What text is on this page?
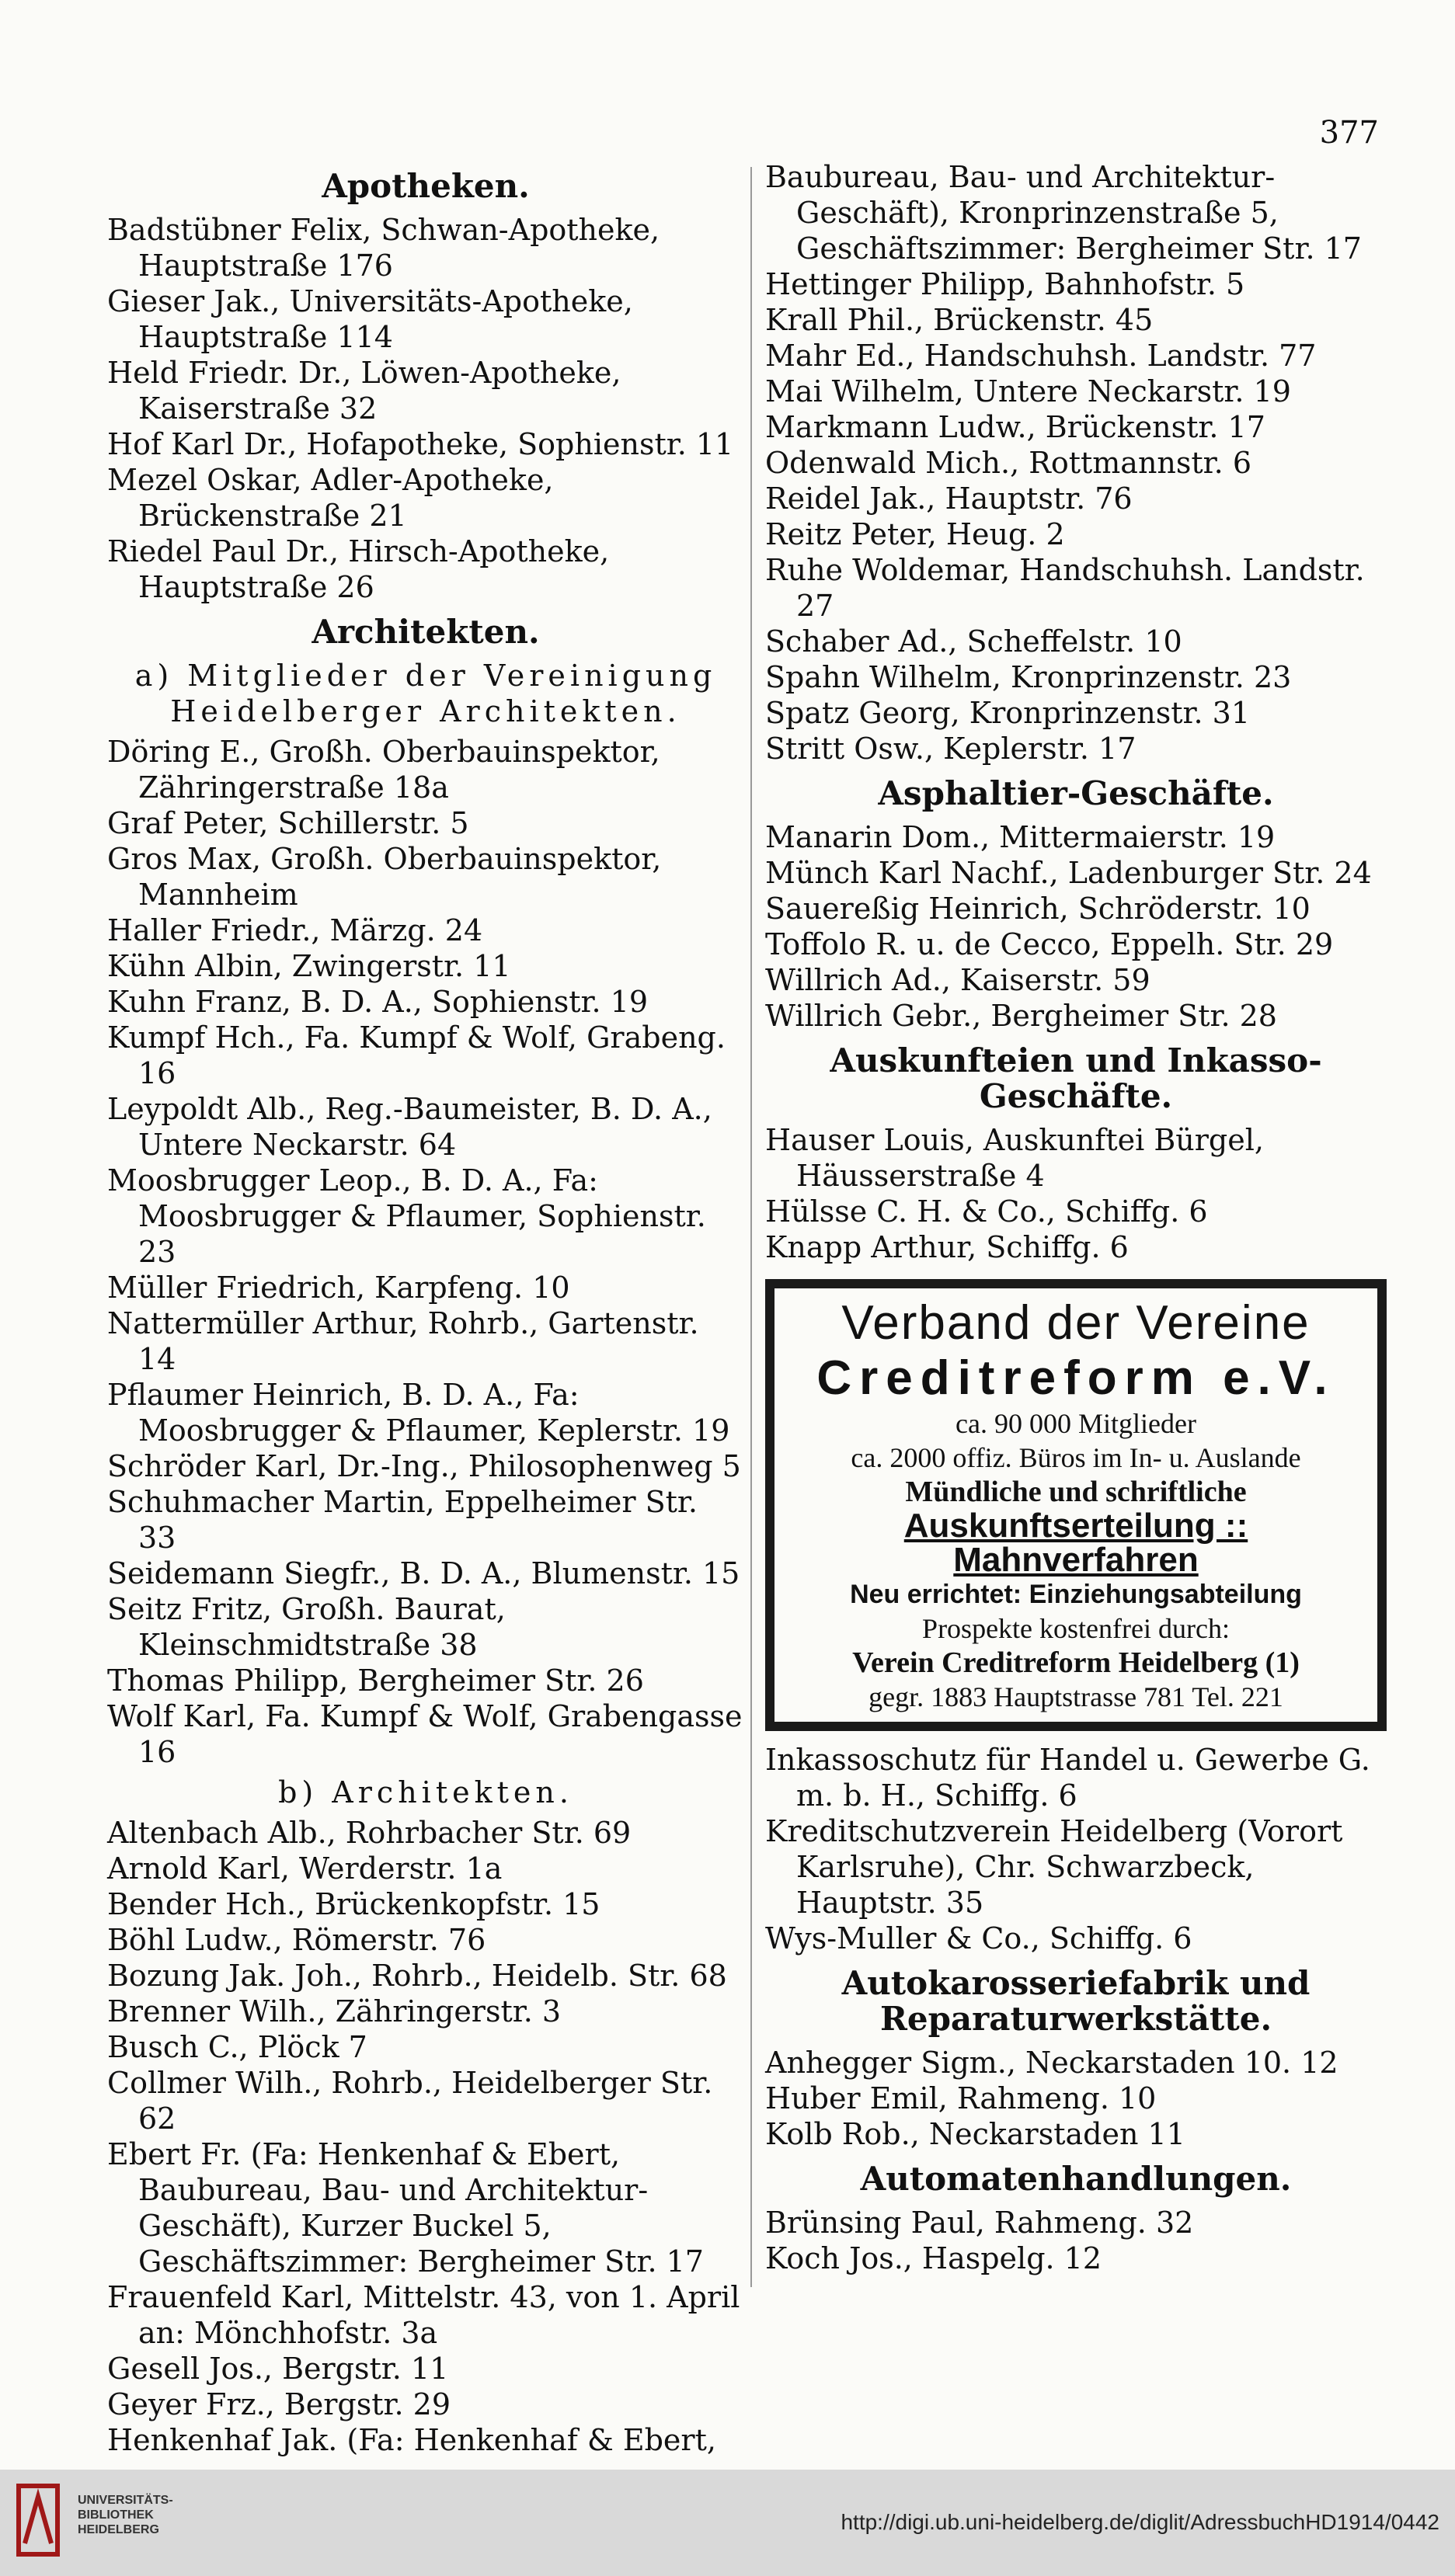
377
Apotheken.
Badstübner Felix, Schwan-Apotheke, Hauptstraße 176
Gieser Jak., Universitäts-Apotheke, Hauptstraße 114
Held Friedr. Dr., Löwen-Apotheke, Kaiserstraße 32
Hof Karl Dr., Hofapotheke, Sophienstr. 11
Mezel Oskar, Adler-Apotheke, Brückenstraße 21
Riedel Paul Dr., Hirsch-Apotheke, Hauptstraße 26
Architekten.
a) Mitglieder der Vereinigung Heidelberger Architekten.
Döring E., Großh. Oberbauinspektor, Zähringerstraße 18a
Graf Peter, Schillerstr. 5
Gros Max, Großh. Oberbauinspektor, Mannheim
Haller Friedr., Märzg. 24
Kühn Albin, Zwingerstr. 11
Kuhn Franz, B. D. A., Sophienstr. 19
Kumpf Hch., Fa. Kumpf & Wolf, Grabeng. 16
Leypoldt Alb., Reg.-Baumeister, B. D. A., Untere Neckarstr. 64
Moosbrugger Leop., B. D. A., Fa: Moosbrugger & Pflaumer, Sophienstr. 23
Müller Friedrich, Karpfeng. 10
Nattermüller Arthur, Rohrb., Gartenstr. 14
Pflaumer Heinrich, B. D. A., Fa: Moosbrugger & Pflaumer, Keplerstr. 19
Schröder Karl, Dr.-Ing., Philosophenweg 5
Schuhmacher Martin, Eppelheimer Str. 33
Seidemann Siegfr., B. D. A., Blumenstr. 15
Seitz Fritz, Großh. Baurat, Kleinschmidtstraße 38
Thomas Philipp, Bergheimer Str. 26
Wolf Karl, Fa. Kumpf & Wolf, Grabengasse 16
b) Architekten.
Altenbach Alb., Rohrbacher Str. 69
Arnold Karl, Werderstr. 1a
Bender Hch., Brückenkopfstr. 15
Böhl Ludw., Römerstr. 76
Bozung Jak. Joh., Rohrb., Heidelb. Str. 68
Brenner Wilh., Zähringerstr. 3
Busch C., Plöck 7
Collmer Wilh., Rohrb., Heidelberger Str. 62
Ebert Fr. (Fa: Henkenhaf & Ebert, Baubureau, Bau- und Architektur-Geschäft), Kurzer Buckel 5, Geschäftszimmer: Bergheimer Str. 17
Frauenfeld Karl, Mittelstr. 43, von 1. April an: Mönchhofstr. 3a
Gesell Jos., Bergstr. 11
Geyer Frz., Bergstr. 29
Henkenhaf Jak. (Fa: Henkenhaf & Ebert,
Baubureau, Bau- und Architektur-Geschäft), Kronprinzenstraße 5, Geschäftszimmer: Bergheimer Str. 17
Hettinger Philipp, Bahnhofstr. 5
Krall Phil., Brückenstr. 45
Mahr Ed., Handschuhsh. Landstr. 77
Mai Wilhelm, Untere Neckarstr. 19
Markmann Ludw., Brückenstr. 17
Odenwald Mich., Rottmannstr. 6
Reidel Jak., Hauptstr. 76
Reitz Peter, Heug. 2
Ruhe Woldemar, Handschuhsh. Landstr. 27
Schaber Ad., Scheffelstr. 10
Spahn Wilhelm, Kronprinzenstr. 23
Spatz Georg, Kronprinzenstr. 31
Stritt Osw., Keplerstr. 17
Asphaltier-Geschäfte.
Manarin Dom., Mittermaierstr. 19
Münch Karl Nachf., Ladenburger Str. 24
Sauereßig Heinrich, Schröderstr. 10
Toffolo R. u. de Cecco, Eppelh. Str. 29
Willrich Ad., Kaiserstr. 59
Willrich Gebr., Bergheimer Str. 28
Auskunfteien und Inkasso-Geschäfte.
Hauser Louis, Auskunftei Bürgel, Häusserstraße 4
Hülsse C. H. & Co., Schiffg. 6
Knapp Arthur, Schiffg. 6
Verband der Vereine
Creditreform e.V.
ca. 90 000 Mitglieder
ca. 2000 offiz. Büros im In- u. Auslande
Mündliche und schriftliche
Auskunftserteilung :: Mahnverfahren
Neu errichtet: Einziehungsabteilung
Prospekte kostenfrei durch:
Verein Creditreform Heidelberg (1)
gegr. 1883 Hauptstrasse 781 Tel. 221
Inkassoschutz für Handel u. Gewerbe G. m. b. H., Schiffg. 6
Kreditschutzverein Heidelberg (Vorort Karlsruhe), Chr. Schwarzbeck, Hauptstr. 35
Wys-Muller & Co., Schiffg. 6
Autokarosseriefabrik und Reparaturwerkstätte.
Anhegger Sigm., Neckarstaden 10. 12
Huber Emil, Rahmeng. 10
Kolb Rob., Neckarstaden 11
Automatenhandlungen.
Brünsing Paul, Rahmeng. 32
Koch Jos., Haspelg. 12
UNIVERSITÄTS-
BIBLIOTHEK
HEIDELBERG	http://digi.ub.uni-heidelberg.de/diglit/AdressbuchHD1914/0442
